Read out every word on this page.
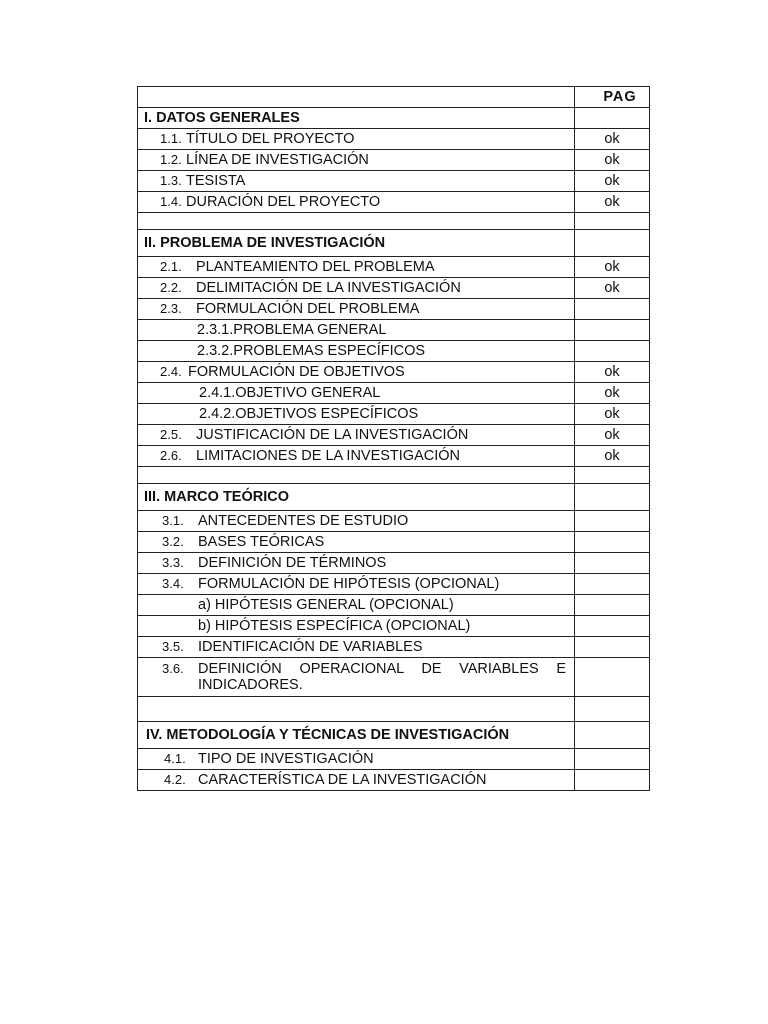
	PAG
I. DATOS GENERALES	
1.1. TÍTULO DEL PROYECTO	ok
1.2. LÍNEA DE INVESTIGACIÓN	ok
1.3. TESISTA	ok
1.4. DURACIÓN DEL PROYECTO	ok

II. PROBLEMA DE INVESTIGACIÓN	
2.1. PLANTEAMIENTO DEL PROBLEMA	ok
2.2. DELIMITACIÓN DE LA INVESTIGACIÓN	ok
2.3. FORMULACIÓN DEL PROBLEMA	
2.3.1.PROBLEMA GENERAL	
2.3.2.PROBLEMAS ESPECÍFICOS	
2.4. FORMULACIÓN DE OBJETIVOS	ok
2.4.1.OBJETIVO GENERAL	ok
2.4.2.OBJETIVOS ESPECÍFICOS	ok
2.5. JUSTIFICACIÓN DE LA INVESTIGACIÓN	ok
2.6. LIMITACIONES DE LA INVESTIGACIÓN	ok

III. MARCO TEÓRICO	
3.1. ANTECEDENTES DE ESTUDIO	
3.2. BASES TEÓRICAS	
3.3. DEFINICIÓN DE TÉRMINOS	
3.4. FORMULACIÓN DE HIPÓTESIS (OPCIONAL)	
a) HIPÓTESIS GENERAL (OPCIONAL)	
b) HIPÓTESIS ESPECÍFICA (OPCIONAL)	
3.5. IDENTIFICACIÓN DE VARIABLES	
3.6. DEFINICIÓN OPERACIONAL DE VARIABLES E
INDICADORES.	

IV. METODOLOGÍA Y TÉCNICAS DE INVESTIGACIÓN	
4.1. TIPO DE INVESTIGACIÓN	
4.2. CARACTERÍSTICA DE LA INVESTIGACIÓN	
